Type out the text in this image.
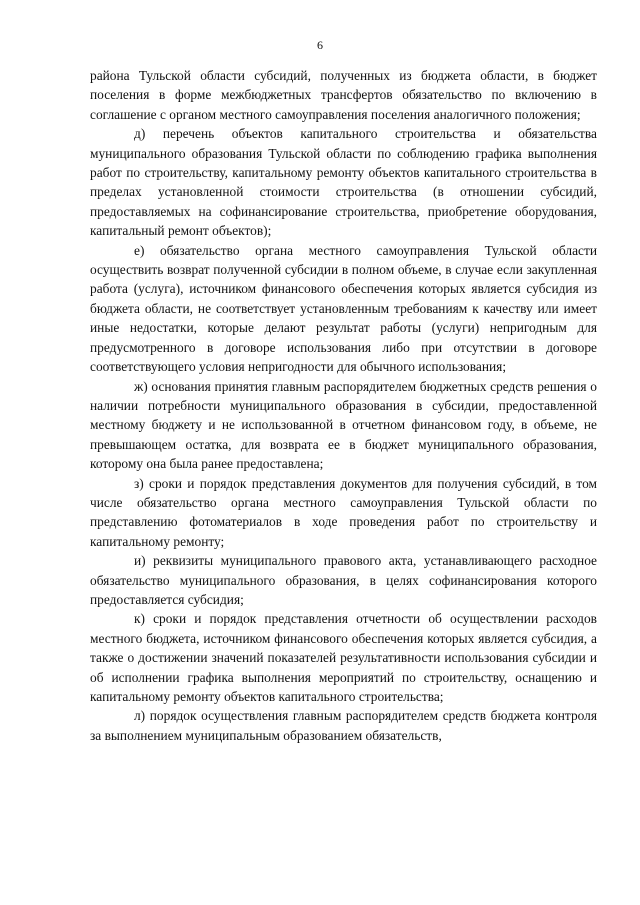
6

района Тульской области субсидий, полученных из бюджета области, в бюджет поселения в форме межбюджетных трансфертов обязательство по включению в соглашение с органом местного самоуправления поселения аналогичного положения;

д) перечень объектов капитального строительства и обязательства муниципального образования Тульской области по соблюдению графика выполнения работ по строительству, капитальному ремонту объектов капитального строительства в пределах установленной стоимости строительства (в отношении субсидий, предоставляемых на софинансирование строительства, приобретение оборудования, капитальный ремонт объектов);

е) обязательство органа местного самоуправления Тульской области осуществить возврат полученной субсидии в полном объеме, в случае если закупленная работа (услуга), источником финансового обеспечения которых является субсидия из бюджета области, не соответствует установленным требованиям к качеству или имеет иные недостатки, которые делают результат работы (услуги) непригодным для предусмотренного в договоре использования либо при отсутствии в договоре соответствующего условия непригодности для обычного использования;

ж) основания принятия главным распорядителем бюджетных средств решения о наличии потребности муниципального образования в субсидии, предоставленной местному бюджету и не использованной в отчетном финансовом году, в объеме, не превышающем остатка, для возврата ее в бюджет муниципального образования, которому она была ранее предоставлена;

з) сроки и порядок представления документов для получения субсидий, в том числе обязательство органа местного самоуправления Тульской области по представлению фотоматериалов в ходе проведения работ по строительству и капитальному ремонту;

и) реквизиты муниципального правового акта, устанавливающего расходное обязательство муниципального образования, в целях софинансирования которого предоставляется субсидия;

к) сроки и порядок представления отчетности об осуществлении расходов местного бюджета, источником финансового обеспечения которых является субсидия, а также о достижении значений показателей результативности использования субсидии и об исполнении графика выполнения мероприятий по строительству, оснащению и капитальному ремонту объектов капитального строительства;

л) порядок осуществления главным распорядителем средств бюджета контроля за выполнением муниципальным образованием обязательств,
